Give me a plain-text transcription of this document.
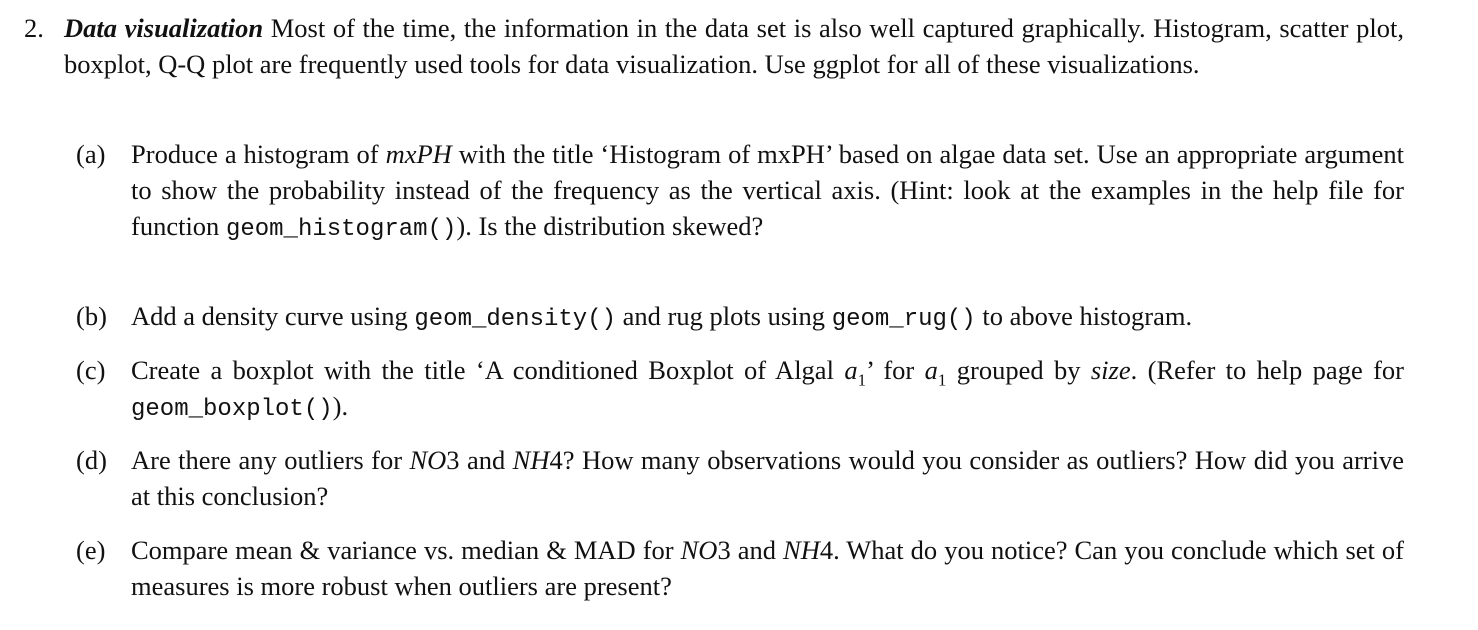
2. Data visualization Most of the time, the information in the data set is also well captured graphically. Histogram, scatter plot, boxplot, Q-Q plot are frequently used tools for data visualization. Use ggplot for all of these visualizations.
(a) Produce a histogram of mxPH with the title ‘Histogram of mxPH’ based on algae data set. Use an appropriate argument to show the probability instead of the frequency as the vertical axis. (Hint: look at the examples in the help file for function geom_histogram()). Is the distribution skewed?
(b) Add a density curve using geom_density() and rug plots using geom_rug() to above histogram.
(c) Create a boxplot with the title ‘A conditioned Boxplot of Algal $a_1$’ for $a_1$ grouped by size. (Refer to help page for geom_boxplot()).
(d) Are there any outliers for NO3 and NH4? How many observations would you consider as outliers? How did you arrive at this conclusion?
(e) Compare mean & variance vs. median & MAD for NO3 and NH4. What do you notice? Can you conclude which set of measures is more robust when outliers are present?
